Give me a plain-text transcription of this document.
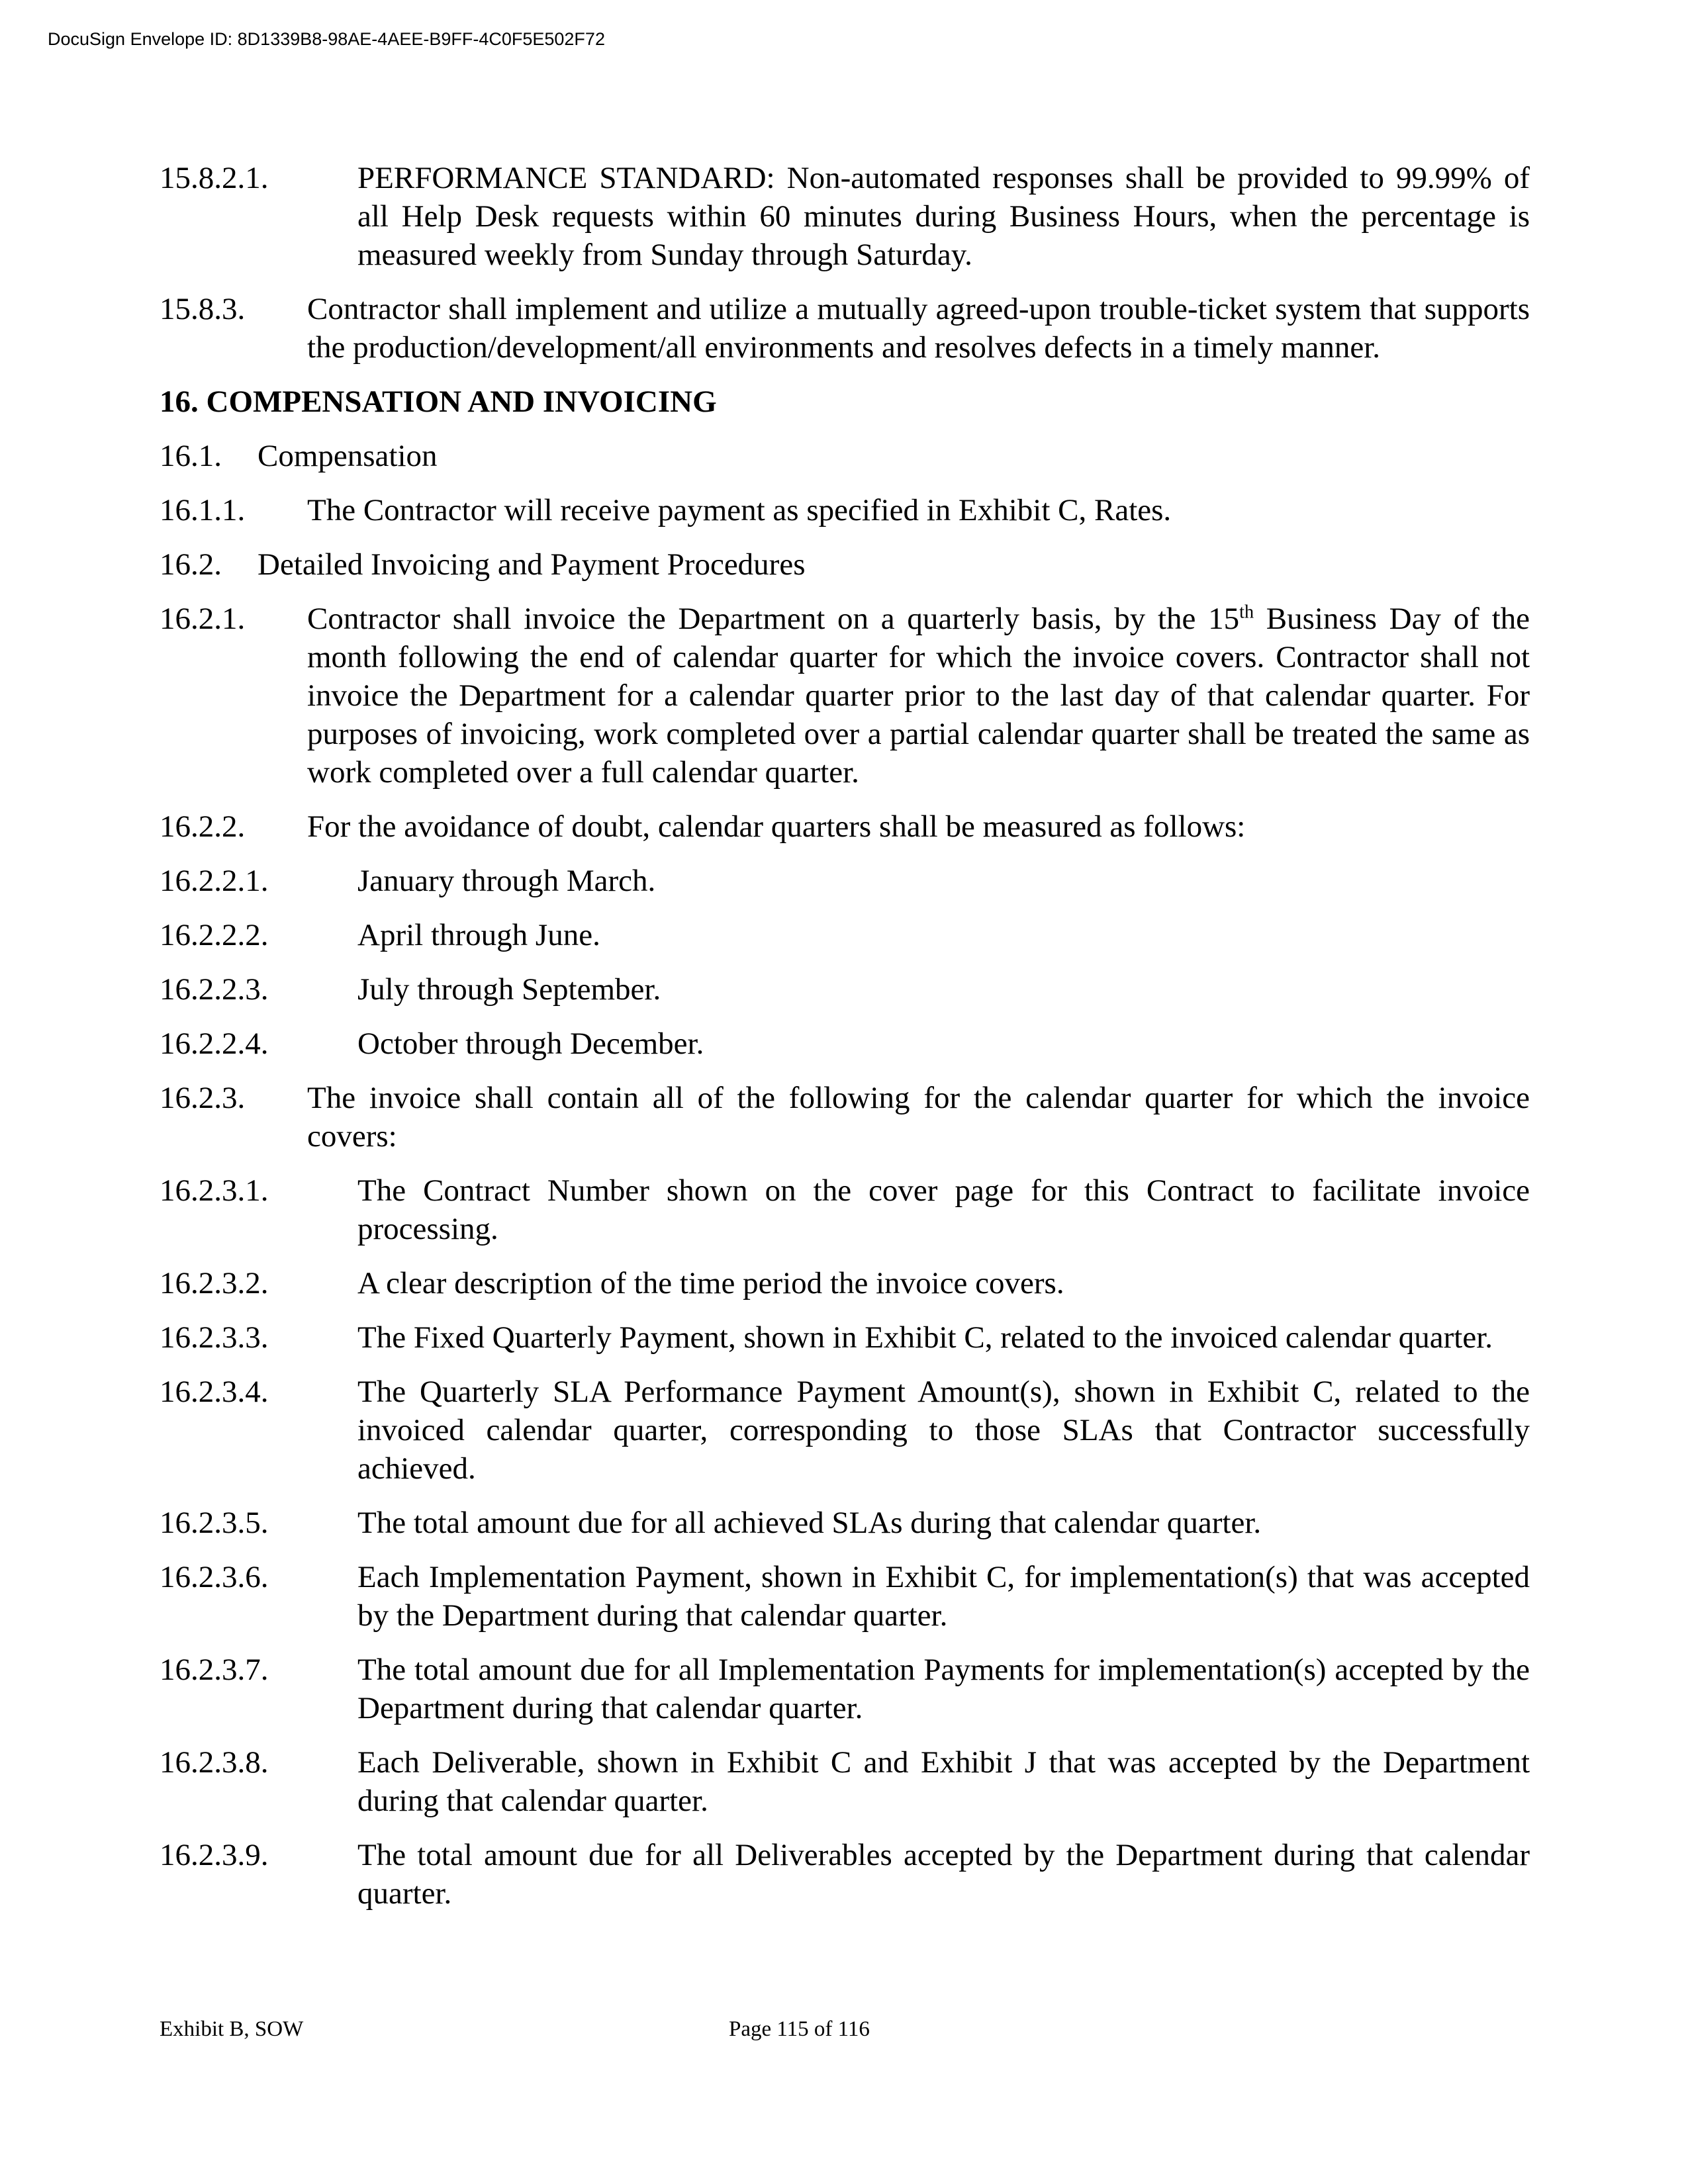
DocuSign Envelope ID: 8D1339B8-98AE-4AEE-B9FF-4C0F5E502F72
15.8.2.1.	PERFORMANCE STANDARD: Non-automated responses shall be provided to 99.99% of all Help Desk requests within 60 minutes during Business Hours, when the percentage is measured weekly from Sunday through Saturday.
15.8.3. Contractor shall implement and utilize a mutually agreed-upon trouble-ticket system that supports the production/development/all environments and resolves defects in a timely manner.
16. COMPENSATION AND INVOICING
16.1. Compensation
16.1.1. The Contractor will receive payment as specified in Exhibit C, Rates.
16.2. Detailed Invoicing and Payment Procedures
16.2.1. Contractor shall invoice the Department on a quarterly basis, by the 15th Business Day of the month following the end of calendar quarter for which the invoice covers. Contractor shall not invoice the Department for a calendar quarter prior to the last day of that calendar quarter. For purposes of invoicing, work completed over a partial calendar quarter shall be treated the same as work completed over a full calendar quarter.
16.2.2. For the avoidance of doubt, calendar quarters shall be measured as follows:
16.2.2.1.	January through March.
16.2.2.2.	April through June.
16.2.2.3.	July through September.
16.2.2.4.	October through December.
16.2.3. The invoice shall contain all of the following for the calendar quarter for which the invoice covers:
16.2.3.1.	The Contract Number shown on the cover page for this Contract to facilitate invoice processing.
16.2.3.2.	A clear description of the time period the invoice covers.
16.2.3.3.	The Fixed Quarterly Payment, shown in Exhibit C, related to the invoiced calendar quarter.
16.2.3.4.	The Quarterly SLA Performance Payment Amount(s), shown in Exhibit C, related to the invoiced calendar quarter, corresponding to those SLAs that Contractor successfully achieved.
16.2.3.5.	The total amount due for all achieved SLAs during that calendar quarter.
16.2.3.6.	Each Implementation Payment, shown in Exhibit C, for implementation(s) that was accepted by the Department during that calendar quarter.
16.2.3.7.	The total amount due for all Implementation Payments for implementation(s) accepted by the Department during that calendar quarter.
16.2.3.8.	Each Deliverable, shown in Exhibit C and Exhibit J that was accepted by the Department during that calendar quarter.
16.2.3.9.	The total amount due for all Deliverables accepted by the Department during that calendar quarter.
Exhibit B, SOW	Page 115 of 116
